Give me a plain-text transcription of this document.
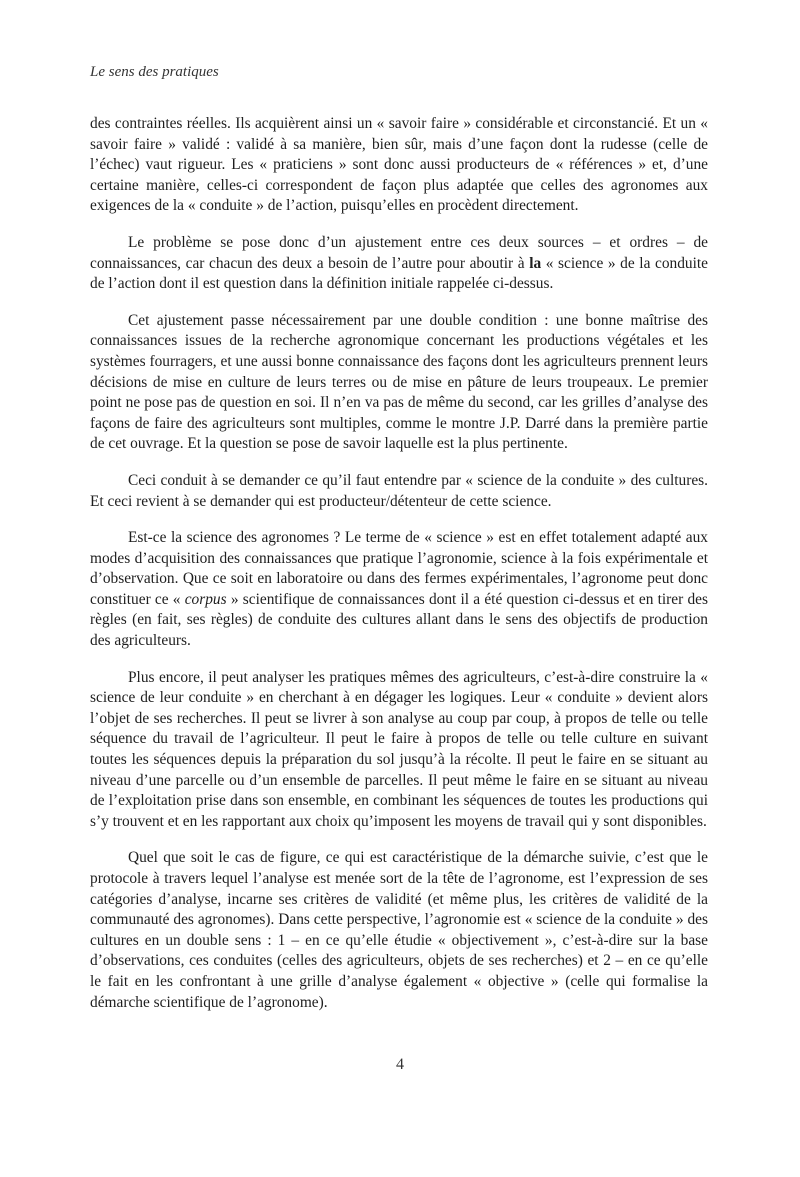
Le sens des pratiques

des contraintes réelles. Ils acquièrent ainsi un « savoir faire » considérable et circonstancié. Et un « savoir faire » validé : validé à sa manière, bien sûr, mais d’une façon dont la rudesse (celle de l’échec) vaut rigueur. Les « praticiens » sont donc aussi producteurs de « références » et, d’une certaine manière, celles-ci correspondent de façon plus adaptée que celles des agronomes aux exigences de la « conduite » de l’action, puisqu’elles en procèdent directement.

Le problème se pose donc d’un ajustement entre ces deux sources – et ordres – de connaissances, car chacun des deux a besoin de l’autre pour aboutir à la « science » de la conduite de l’action dont il est question dans la définition initiale rappelée ci-dessus.

Cet ajustement passe nécessairement par une double condition : une bonne maîtrise des connaissances issues de la recherche agronomique concernant les productions végétales et les systèmes fourragers, et une aussi bonne connaissance des façons dont les agriculteurs prennent leurs décisions de mise en culture de leurs terres ou de mise en pâture de leurs troupeaux. Le premier point ne pose pas de question en soi. Il n’en va pas de même du second, car les grilles d’analyse des façons de faire des agriculteurs sont multiples, comme le montre J.P. Darré dans la première partie de cet ouvrage. Et la question se pose de savoir laquelle est la plus pertinente.

Ceci conduit à se demander ce qu’il faut entendre par « science de la conduite » des cultures. Et ceci revient à se demander qui est producteur/détenteur de cette science.

Est-ce la science des agronomes ? Le terme de « science » est en effet totalement adapté aux modes d’acquisition des connaissances que pratique l’agronomie, science à la fois expérimentale et d’observation. Que ce soit en laboratoire ou dans des fermes expérimentales, l’agronome peut donc constituer ce « corpus » scientifique de connaissances dont il a été question ci-dessus et en tirer des règles (en fait, ses règles) de conduite des cultures allant dans le sens des objectifs de production des agriculteurs.

Plus encore, il peut analyser les pratiques mêmes des agriculteurs, c’est-à-dire construire la « science de leur conduite » en cherchant à en dégager les logiques. Leur « conduite » devient alors l’objet de ses recherches. Il peut se livrer à son analyse au coup par coup, à propos de telle ou telle séquence du travail de l’agriculteur. Il peut le faire à propos de telle ou telle culture en suivant toutes les séquences depuis la préparation du sol jusqu’à la récolte. Il peut le faire en se situant au niveau d’une parcelle ou d’un ensemble de parcelles. Il peut même le faire en se situant au niveau de l’exploitation prise dans son ensemble, en combinant les séquences de toutes les productions qui s’y trouvent et en les rapportant aux choix qu’imposent les moyens de travail qui y sont disponibles.

Quel que soit le cas de figure, ce qui est caractéristique de la démarche suivie, c’est que le protocole à travers lequel l’analyse est menée sort de la tête de l’agronome, est l’expression de ses catégories d’analyse, incarne ses critères de validité (et même plus, les critères de validité de la communauté des agronomes). Dans cette perspective, l’agronomie est « science de la conduite » des cultures en un double sens : 1 – en ce qu’elle étudie « objectivement », c’est-à-dire sur la base d’observations, ces conduites (celles des agriculteurs, objets de ses recherches) et 2 – en ce qu’elle le fait en les confrontant à une grille d’analyse également « objective » (celle qui formalise la démarche scientifique de l’agronome).

4
